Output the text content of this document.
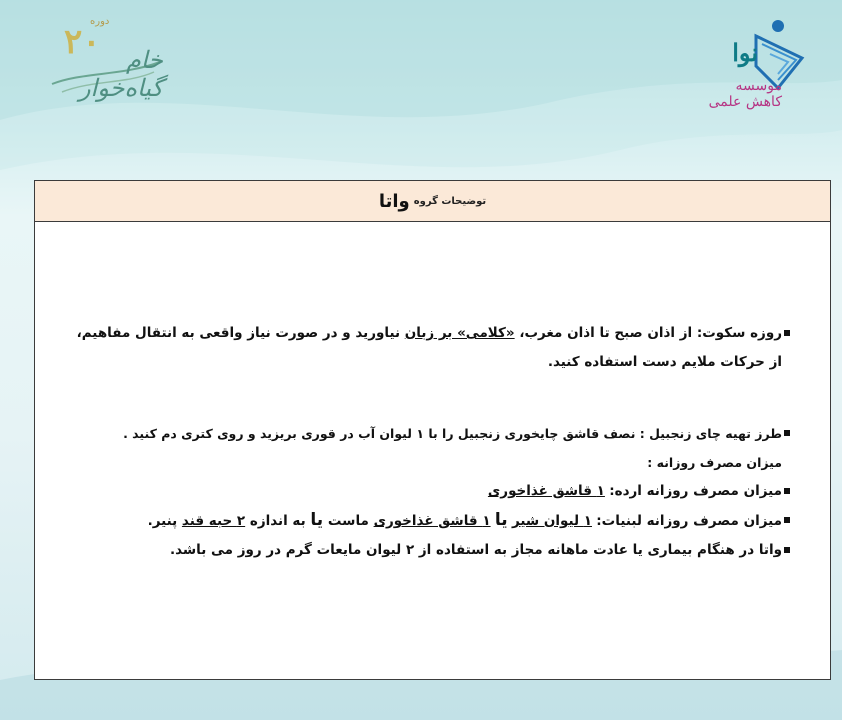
دوره
۲۰	خام گیاه‌خوار
نوا
موسسه کاهش علمی
توضیحات گروه
واتا
روزه سکوت: از اذان صبح تا اذان مغرب، «کلامی» بر زبان نیاورید و در صورت نیاز واقعی به انتقال مفاهیم،
از حرکات ملایم دست استفاده کنید.
طرز تهیه چای زنجبیل : نصف قاشق چایخوری زنجبیل را با ۱ لیوان آب در قوری بریزید و روی کتری دم کنید .
میزان مصرف روزانه :
میزان مصرف روزانه ارده: ۱ قاشق غذاخوری
میزان مصرف روزانه لبنیات: ۱ لیوان شیر یا ۱ قاشق غذاخوری ماست یا به اندازه ۲ حبه قند پنیر.
واتا در هنگام بیماری یا عادت ماهانه مجاز به استفاده از ۲ لیوان مایعات گرم در روز می باشد.
